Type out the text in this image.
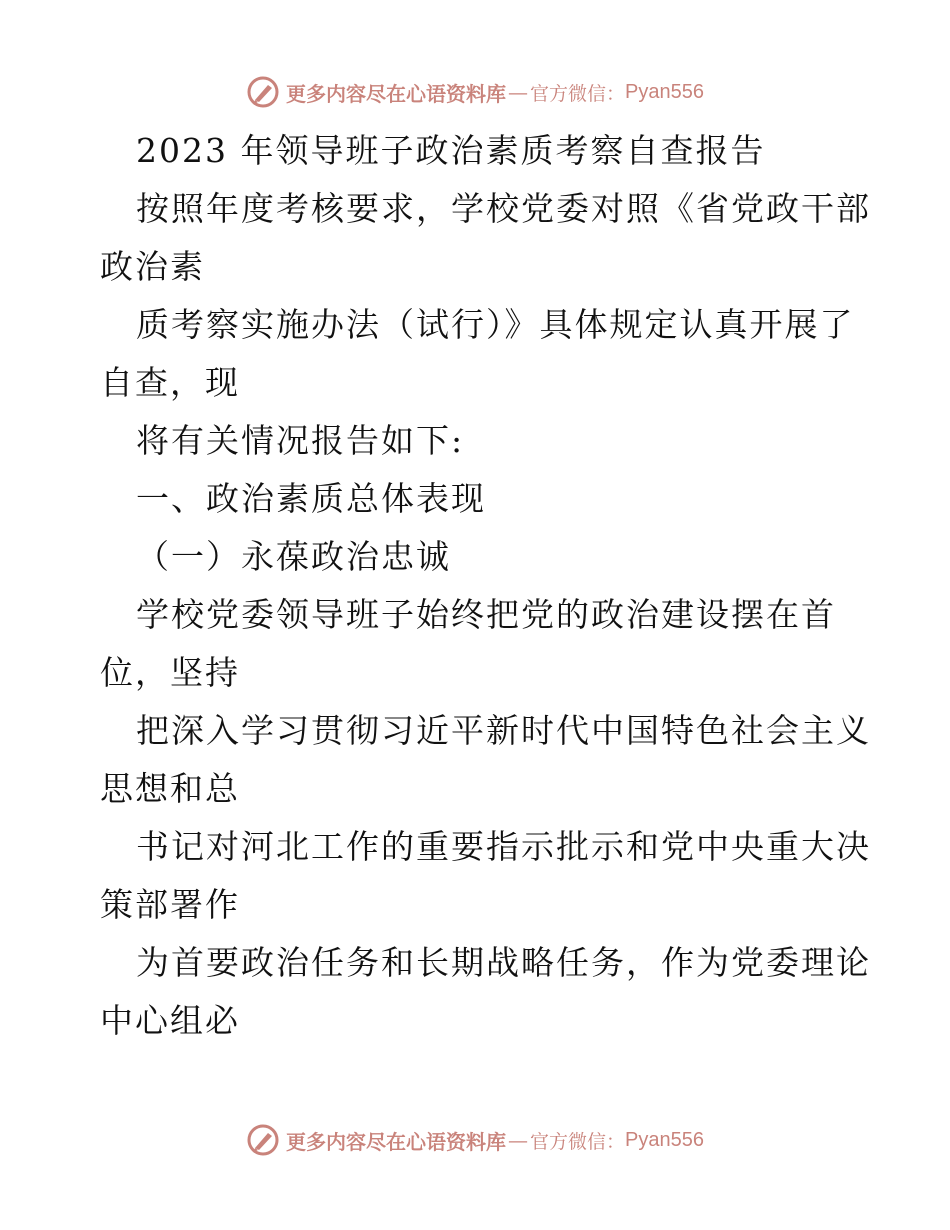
更多内容尽在心语资料库 — 官方微信： Pyan556
2023 年领导班子政治素质考察自查报告
按照年度考核要求，学校党委对照《省党政干部
政治素
质考察实施办法（试行）》具体规定认真开展了
自查，现
将有关情况报告如下:
一、政治素质总体表现
（一）永葆政治忠诚
学校党委领导班子始终把党的政治建设摆在首
位，坚持
把深入学习贯彻习近平新时代中国特色社会主义
思想和总
书记对河北工作的重要指示批示和党中央重大决
策部署作
为首要政治任务和长期战略任务，作为党委理论
中心组必
更多内容尽在心语资料库 — 官方微信： Pyan556
